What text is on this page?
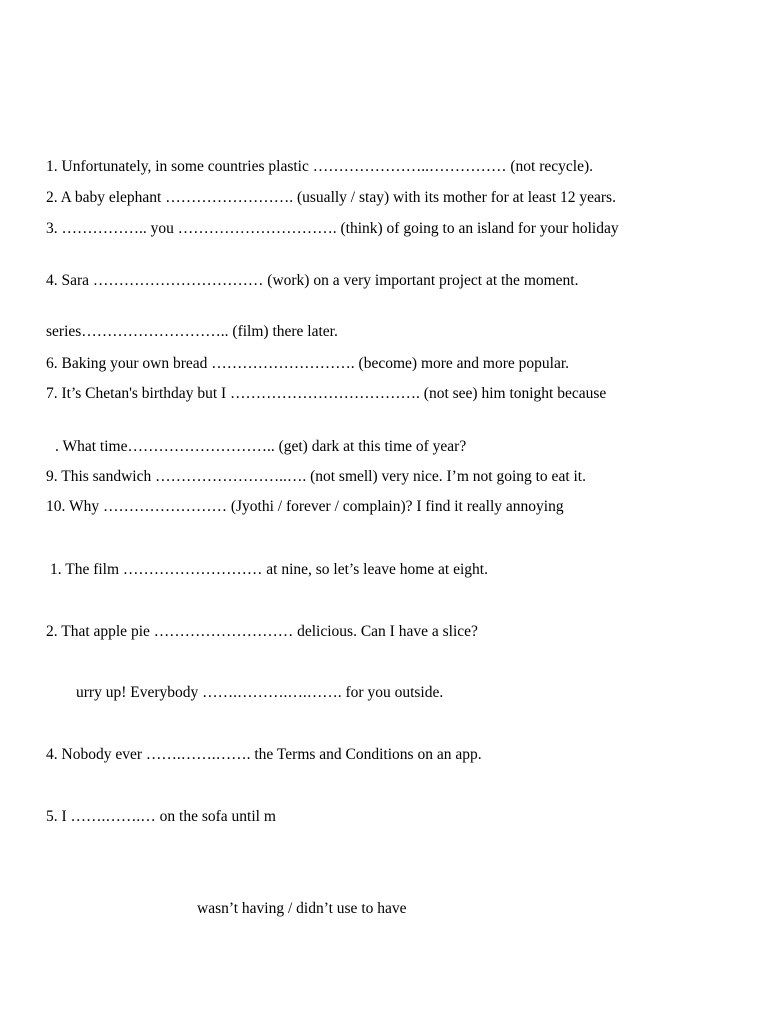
1. Unfortunately, in some countries plastic …………………..…………… (not recycle).

2. A baby elephant ……………………. (usually / stay) with its mother for at least 12 years.

3. …………….. you …………………………. (think) of going to an island for your holiday

4. Sara …………………………… (work) on a very important project at the moment.

series……………………….. (film) there later.

6. Baking your own bread ………………………. (become) more and more popular.

7. It’s Chetan's birthday but I ………………………………. (not see) him tonight because

. What time……………………….. (get) dark at this time of year?

9. This sandwich ……………………..…. (not smell) very nice. I’m not going to eat it.

10. Why …………………… (Jyothi / forever / complain)? I find it really annoying

1. The film ……………………… at nine, so let’s leave home at eight.

2. That apple pie ……………………… delicious. Can I have a slice?

urry up! Everybody …….……….….……. for you outside.

4. Nobody ever …….…….……. the Terms and Conditions on an app.

5. I …….…….… on the sofa until m

wasn’t having / didn’t use to have
